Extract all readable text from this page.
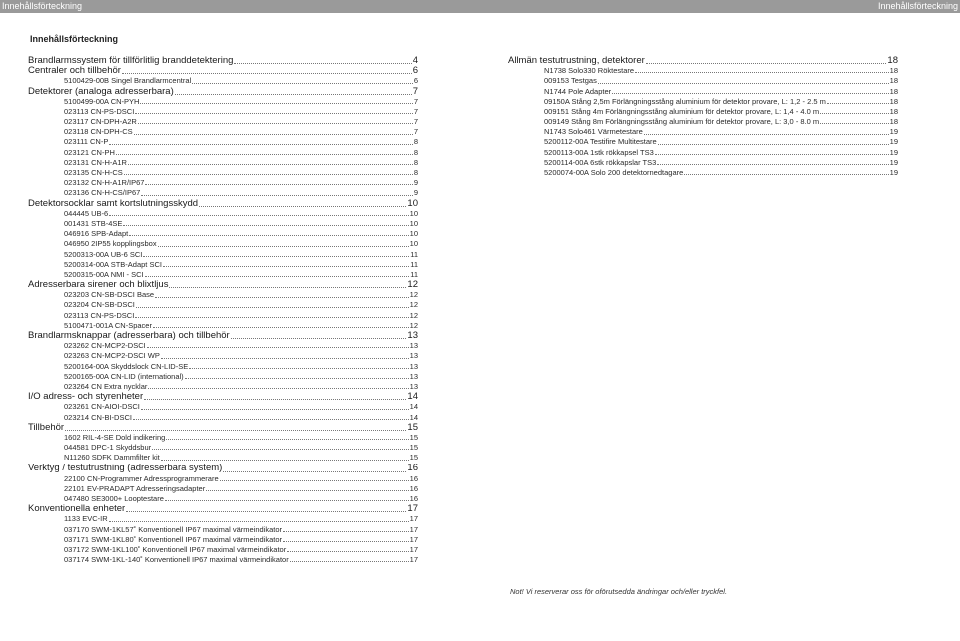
Innehållsförteckning	Innehållsförteckning
Innehållsförteckning
Brandlarmssystem för tillförlitlig branddetektering	4
Centraler och tillbehör	6
5100429-00B Singel Brandlarmcentral	6
Detektorer (analoga adresserbara)	7
5100499-00A CN-PYH	7
023113 CN-PS-DSCI	7
023117 CN-DPH-A2R	7
023118 CN-DPH-CS	7
023111 CN-P	8
023121 CN-PH	8
023131 CN-H-A1R	8
023135 CN-H-CS	8
023132 CN-H-A1R/IP67	9
023136 CN-H-CS/IP67	9
Detektorsocklar samt kortslutningsskydd	10
044445 UB-6	10
001431 STB-4SE	10
046916 SPB-Adapt	10
046950 2IP55 kopplingsbox	10
5200313-00A UB-6 SCI	11
5200314-00A STB-Adapt SCI	11
5200315-00A NMI - SCI	11
Adresserbara sirener och blixtljus	12
023203 CN-SB-DSCI Base	12
023204 CN-SB-DSCI	12
023113 CN-PS-DSCI	12
5100471-001A CN-Spacer	12
Brandlarmsknappar (adresserbara) och tillbehör	13
023262 CN-MCP2-DSCI	13
023263 CN-MCP2-DSCI WP	13
5200164-00A Skyddslock CN-LID-SE	13
5200165-00A CN-LID (international)	13
023264 CN Extra nycklar	13
I/O adress- och styrenheter	14
023261 CN-AIOI-DSCI	14
023214 CN-BI-DSCI	14
Tillbehör	15
1602 RIL-4-SE Dold indikering	15
044581 DPC-1 Skyddsbur	15
N11260 SDFK Dammfilter kit	15
Verktyg / testutrustning (adresserbara system)	16
22100 CN-Programmer Adressprogrammerare	16
22101 EV-PRADAPT Adresseringsadapter	16
047480 SE3000+ Looptestare	16
Konventionella enheter	17
1133 EVC-IR	17
037170 SWM-1KL57˚ Konventionell IP67 maximal värmeindikator	17
037171 SWM-1KL80˚ Konventionell IP67 maximal värmeindikator	17
037172 SWM-1KL100˚ Konventionell IP67 maximal värmeindikator	17
037174 SWM-1KL-140˚ Konventionell IP67 maximal värmeindikator	17
Allmän testutrustning, detektorer	18
N1738 Solo330 Röktestare	18
009153 Testgas	18
N1744 Pole Adapter	18
09150A Stång 2,5m Förlängningsstång aluminium för detektor provare, L: 1,2 - 2.5 m	18
009151 Stång 4m Förlängningsstång aluminium för detektor provare, L: 1,4 - 4.0 m	18
009149 Stång 8m Förlängningsstång aluminium för detektor provare, L: 3,0 - 8.0 m	18
N1743 Solo461 Värmetestare	19
5200112-00A Testifire Multitestare	19
5200113-00A 1stk rökkapsel TS3	19
5200114-00A 6stk rökkapslar TS3	19
5200074-00A Solo 200 detektornedtagare	19
Not! Vi reserverar oss för oförutsedda ändringar och/eller tryckfel.
